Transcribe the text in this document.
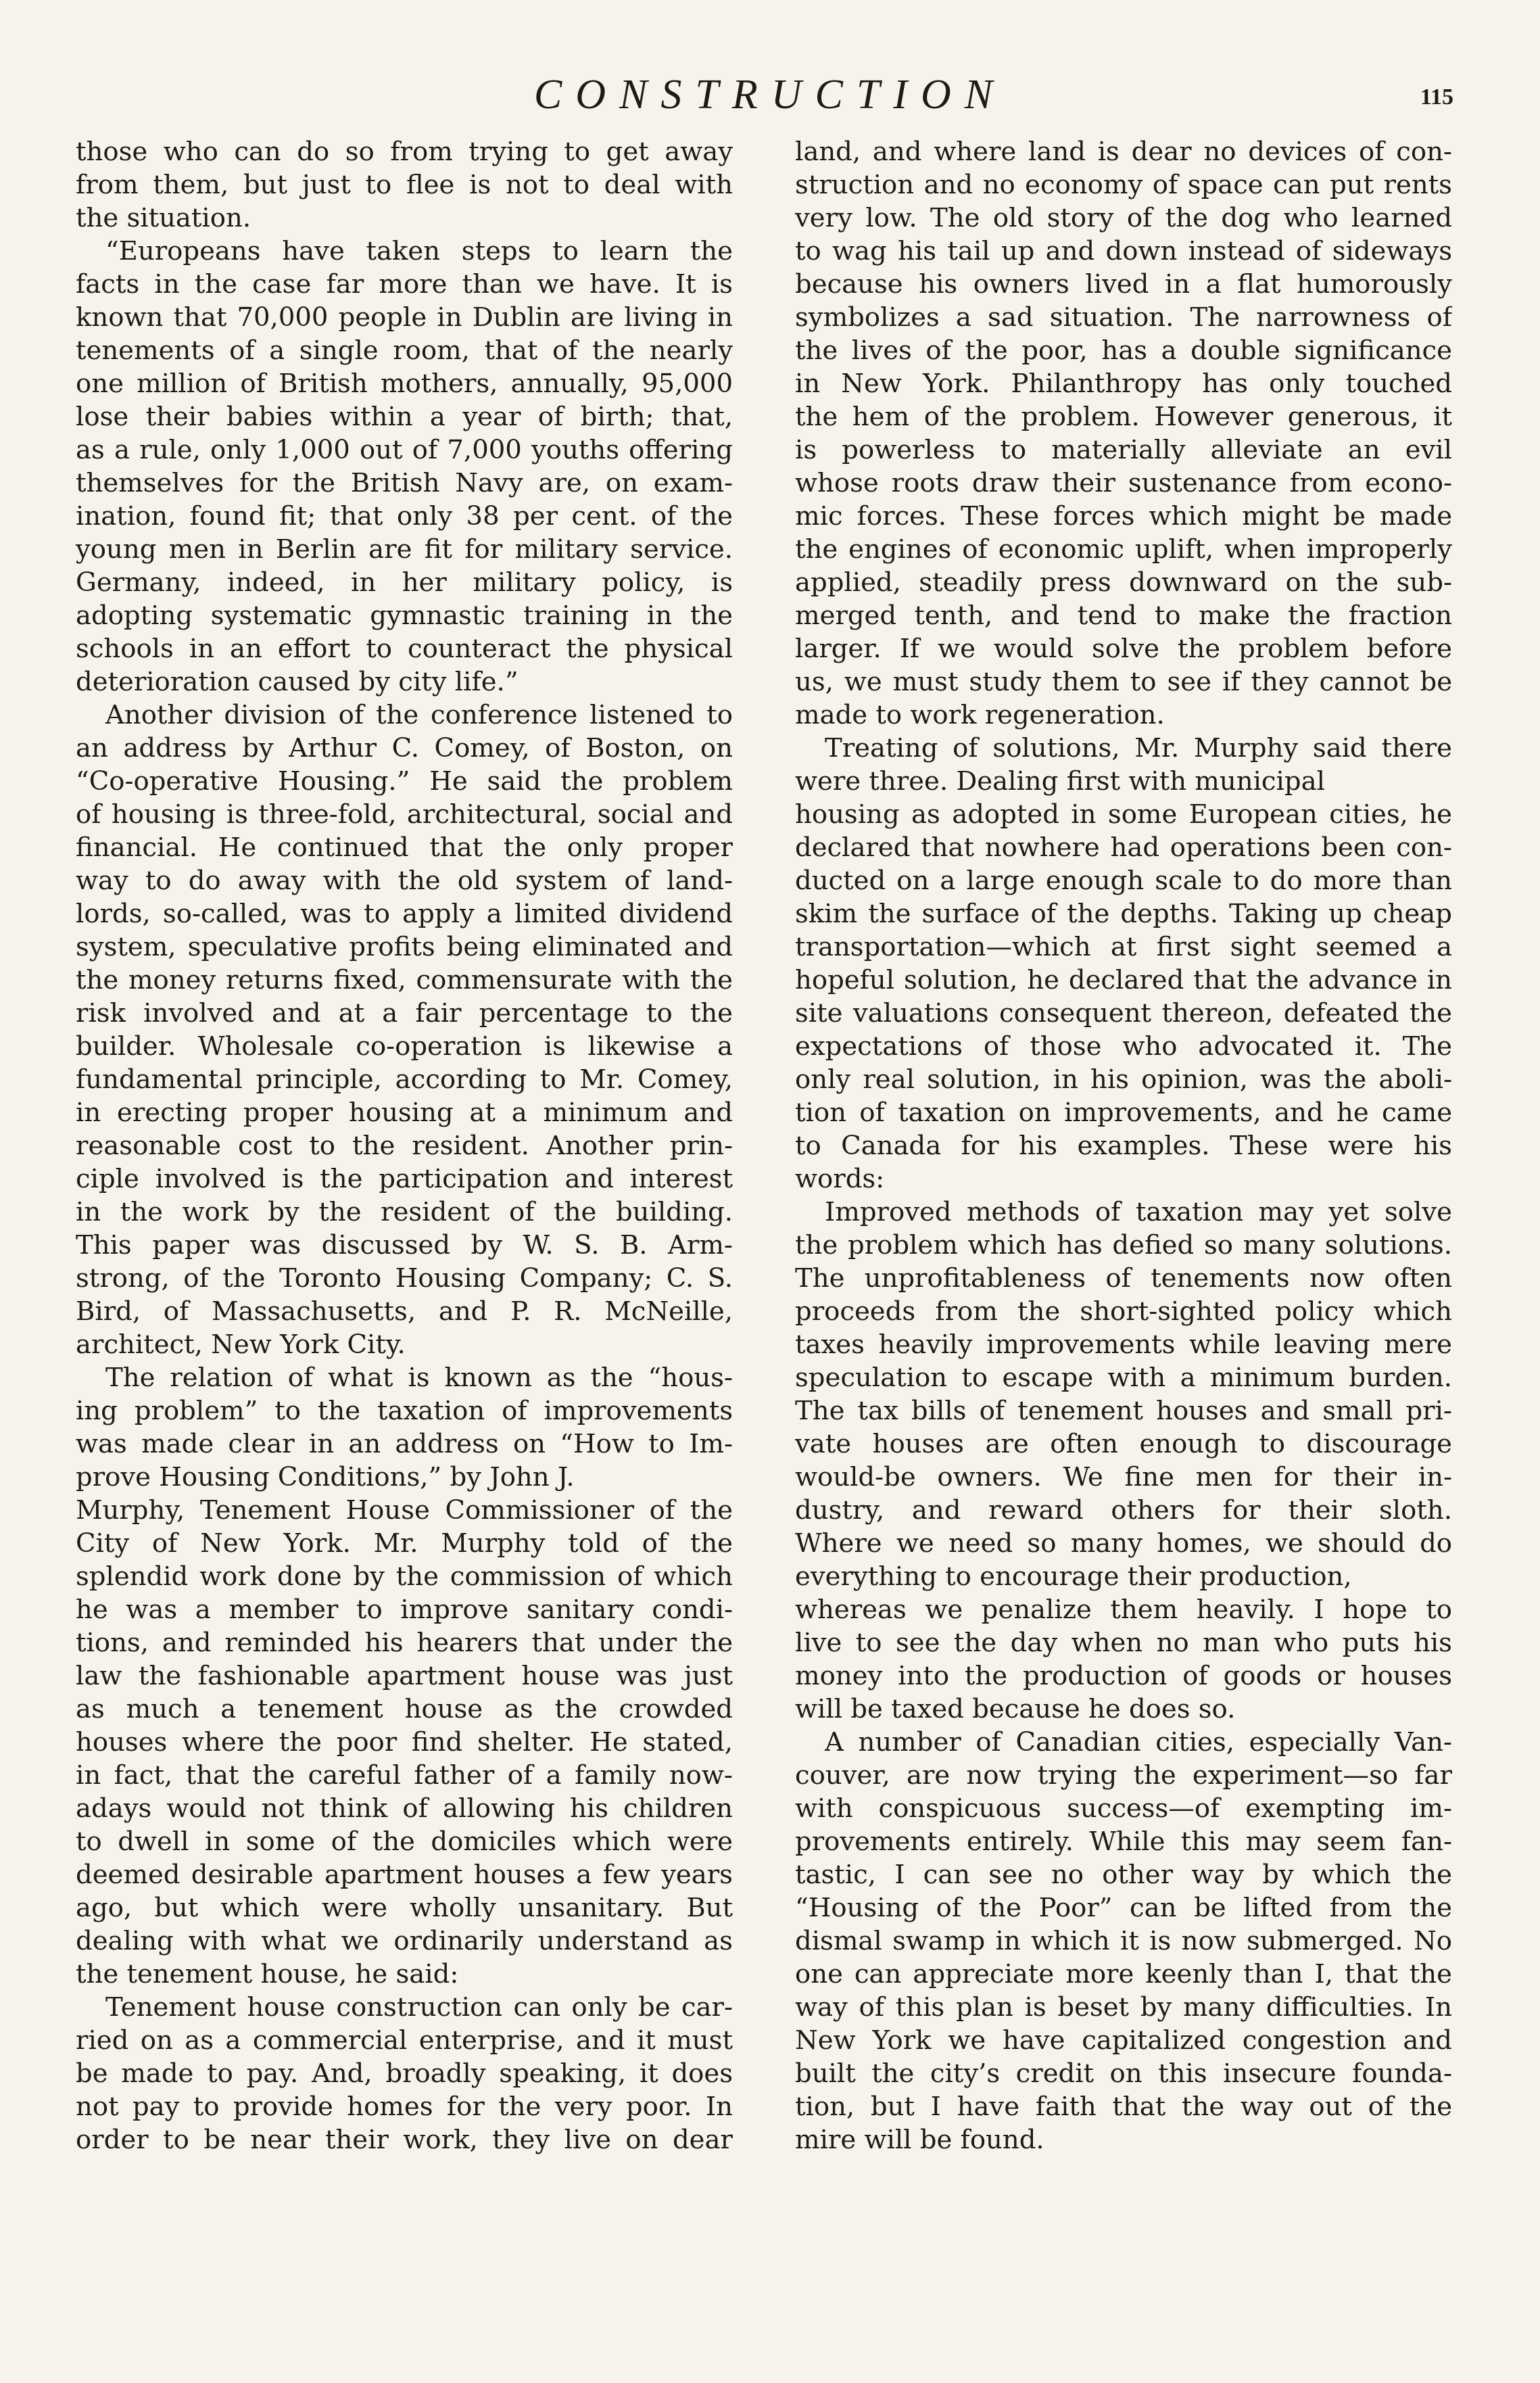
CONSTRUCTION	115
those who can do so from trying to get away
from them, but just to flee is not to deal with
the situation.
“Europeans have taken steps to learn the
facts in the case far more than we have. It is
known that 70,000 people in Dublin are living in
tenements of a single room, that of the nearly
one million of British mothers, annually, 95,000
lose their babies within a year of birth; that,
as a rule, only 1,000 out of 7,000 youths offering
themselves for the British Navy are, on exam-
ination, found fit; that only 38 per cent. of the
young men in Berlin are fit for military service.
Germany, indeed, in her military policy, is
adopting systematic gymnastic training in the
schools in an effort to counteract the physical
deterioration caused by city life.”
Another division of the conference listened to
an address by Arthur C. Comey, of Boston, on
“Co-operative Housing.” He said the problem
of housing is three-fold, architectural, social and
financial. He continued that the only proper
way to do away with the old system of land-
lords, so-called, was to apply a limited dividend
system, speculative profits being eliminated and
the money returns fixed, commensurate with the
risk involved and at a fair percentage to the
builder. Wholesale co-operation is likewise a
fundamental principle, according to Mr. Comey,
in erecting proper housing at a minimum and
reasonable cost to the resident. Another prin-
ciple involved is the participation and interest
in the work by the resident of the building.
This paper was discussed by W. S. B. Arm-
strong, of the Toronto Housing Company; C. S.
Bird, of Massachusetts, and P. R. McNeille,
architect, New York City.
The relation of what is known as the “hous-
ing problem” to the taxation of improvements
was made clear in an address on “How to Im-
prove Housing Conditions,” by John J.
Murphy, Tenement House Commissioner of the
City of New York. Mr. Murphy told of the
splendid work done by the commission of which
he was a member to improve sanitary condi-
tions, and reminded his hearers that under the
law the fashionable apartment house was just
as much a tenement house as the crowded
houses where the poor find shelter. He stated,
in fact, that the careful father of a family now-
adays would not think of allowing his children
to dwell in some of the domiciles which were
deemed desirable apartment houses a few years
ago, but which were wholly unsanitary. But
dealing with what we ordinarily understand as
the tenement house, he said:
Tenement house construction can only be car-
ried on as a commercial enterprise, and it must
be made to pay. And, broadly speaking, it does
not pay to provide homes for the very poor. In
order to be near their work, they live on dear
land, and where land is dear no devices of con-
struction and no economy of space can put rents
very low. The old story of the dog who learned
to wag his tail up and down instead of sideways
because his owners lived in a flat humorously
symbolizes a sad situation. The narrowness of
the lives of the poor, has a double significance
in New York. Philanthropy has only touched
the hem of the problem. However generous, it
is powerless to materially alleviate an evil
whose roots draw their sustenance from econo-
mic forces. These forces which might be made
the engines of economic uplift, when improperly
applied, steadily press downward on the sub-
merged tenth, and tend to make the fraction
larger. If we would solve the problem before
us, we must study them to see if they cannot be
made to work regeneration.
Treating of solutions, Mr. Murphy said there
were three. Dealing first with municipal
housing as adopted in some European cities, he
declared that nowhere had operations been con-
ducted on a large enough scale to do more than
skim the surface of the depths. Taking up cheap
transportation—which at first sight seemed a
hopeful solution, he declared that the advance in
site valuations consequent thereon, defeated the
expectations of those who advocated it. The
only real solution, in his opinion, was the aboli-
tion of taxation on improvements, and he came
to Canada for his examples. These were his
words:
Improved methods of taxation may yet solve
the problem which has defied so many solutions.
The unprofitableness of tenements now often
proceeds from the short-sighted policy which
taxes heavily improvements while leaving mere
speculation to escape with a minimum burden.
The tax bills of tenement houses and small pri-
vate houses are often enough to discourage
would-be owners. We fine men for their in-
dustry, and reward others for their sloth.
Where we need so many homes, we should do
everything to encourage their production,
whereas we penalize them heavily. I hope to
live to see the day when no man who puts his
money into the production of goods or houses
will be taxed because he does so.
A number of Canadian cities, especially Van-
couver, are now trying the experiment—so far
with conspicuous success—of exempting im-
provements entirely. While this may seem fan-
tastic, I can see no other way by which the
“Housing of the Poor” can be lifted from the
dismal swamp in which it is now submerged. No
one can appreciate more keenly than I, that the
way of this plan is beset by many difficulties. In
New York we have capitalized congestion and
built the city’s credit on this insecure founda-
tion, but I have faith that the way out of the
mire will be found.
